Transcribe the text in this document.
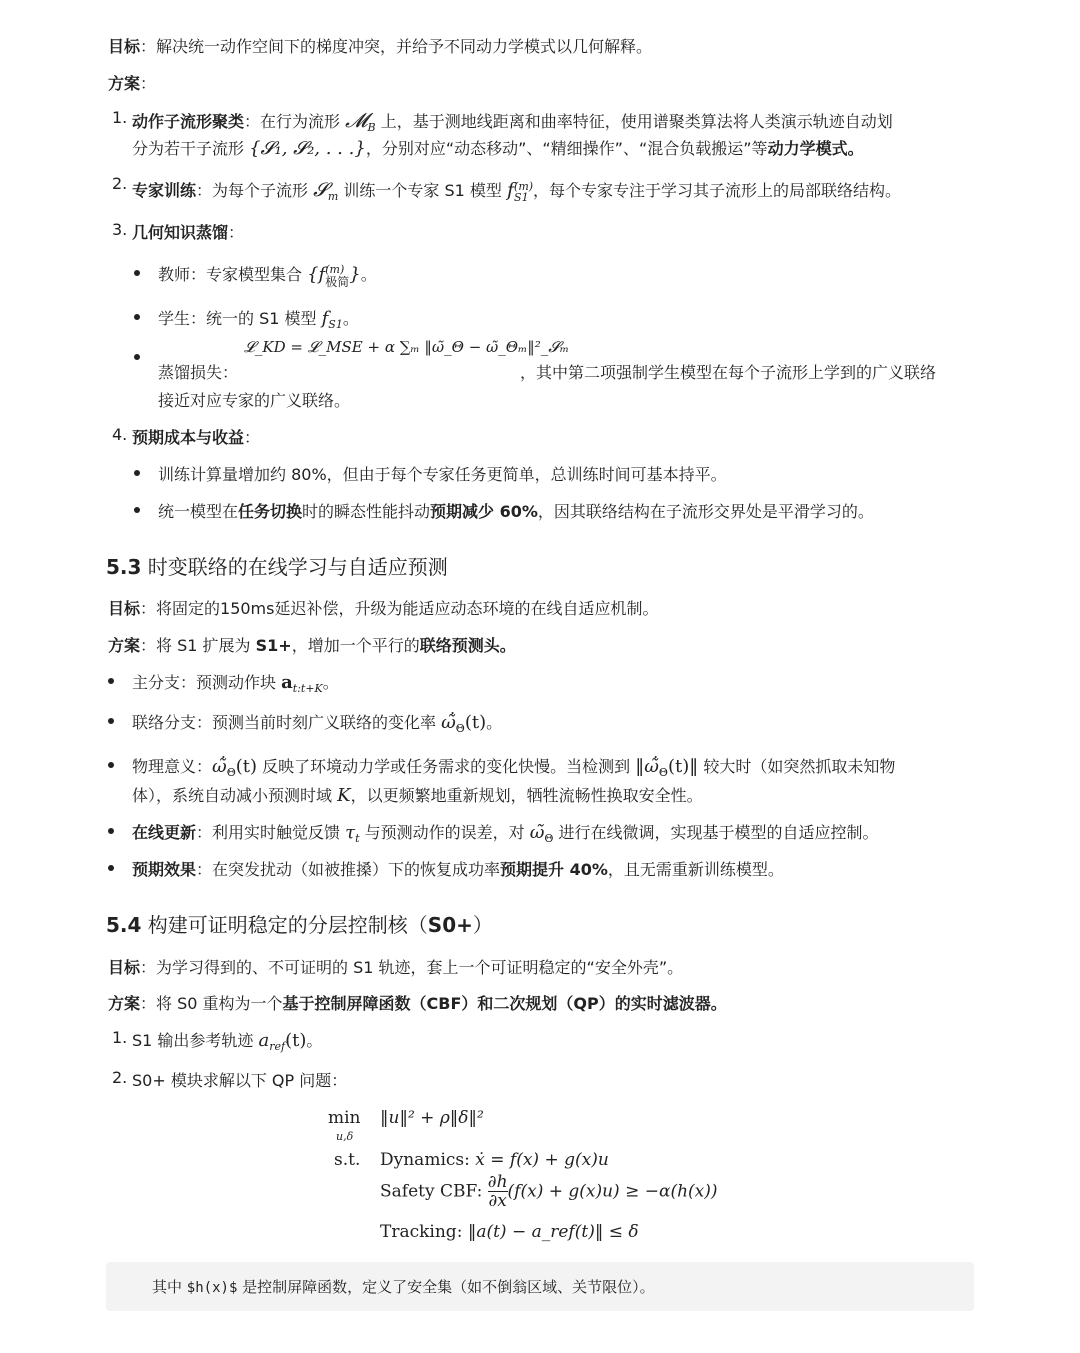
目标：解决统一动作空间下的梯度冲突，并给予不同动力学模式以几何解释。
方案：
1. 动作子流形聚类：在行为流形 𝓜$_B$ 上，基于测地线距离和曲率特征，使用谱聚类算法将人类演示轨迹自动划
分为若干子流形 {𝓢₁, 𝓢₂, . . .}，分别对应“动态移动”、“精细操作”、“混合负载搬运”等动力学模式。
2. 专家训练：为每个子流形 𝓢$_m$ 训练一个专家 S1 模型 f (m)
S1 ，每个专家专注于学习其子流形上的局部联络结构。
3. 几何知识蒸馏：
教师：专家模型集合 {f (m)
极简 }。
学生：统一的 S1 模型 $f_{S1}$。
蒸馏损失：
𝓛_KD = 𝓛_MSE + α ∑ₘ ‖ω̃_Θ − ω̃_Θₘ‖²_𝓢ₘ
，其中第二项强制学生模型在每个子流形上学到的广义联络
接近对应专家的广义联络。
4. 预期成本与收益：
训练计算量增加约 80%，但由于每个专家任务更简单，总训练时间可基本持平。
统一模型在任务切换时的瞬态性能抖动预期减少 60%，因其联络结构在子流形交界处是平滑学习的。
5.3 时变联络的在线学习与自适应预测
目标：将固定的150ms延迟补偿，升级为能适应动态环境的在线自适应机制。
方案：将 S1 扩展为 S1+，增加一个平行的联络预测头。
主分支：预测动作块 $a_{t:t+K}$。
联络分支：预测当前时刻广义联络的变化率 $\omegã̇_\Theta(t)$。
物理意义：$\omegã̇_\Theta(t)$ 反映了环境动力学或任务需求的变化快慢。当检测到 $‖\omegã̇_\Theta(t)‖$ 较大时（如突然抓取未知物
体），系统自动减小预测时域 K，以更频繁地重新规划，牺牲流畅性换取安全性。
在线更新：利用实时触觉反馈 $\tau_t$ 与预测动作的误差，对 $\omegã_\Theta$ 进行在线微调，实现基于模型的自适应控制。
预期效果：在突发扰动（如被推搡）下的恢复成功率预期提升 40%，且无需重新训练模型。
5.4 构建可证明稳定的分层控制核（S0+）
目标：为学习得到的、不可证明的 S1 轨迹，套上一个可证明稳定的“安全外壳”。
方案：将 S0 重构为一个基于控制屏障函数（CBF）和二次规划（QP）的实时滤波器。
1. S1 输出参考轨迹 $a_{ref}(t)$。
2. S0+ 模块求解以下 QP 问题：
min
u,δ
‖u‖² + ρ‖δ‖²
s.t. Dynamics: ẋ = f(x) + g(x)u
Safety CBF: $\frac{\partial h}{\partial x} (f(x) + g(x)u) \ge -\alpha(h(x))$
Tracking: ‖a(t) − a_ref(t)‖ ≤ δ
其中 $h(x)$ 是控制屏障函数，定义了安全集（如不倒翁区域、关节限位）。
